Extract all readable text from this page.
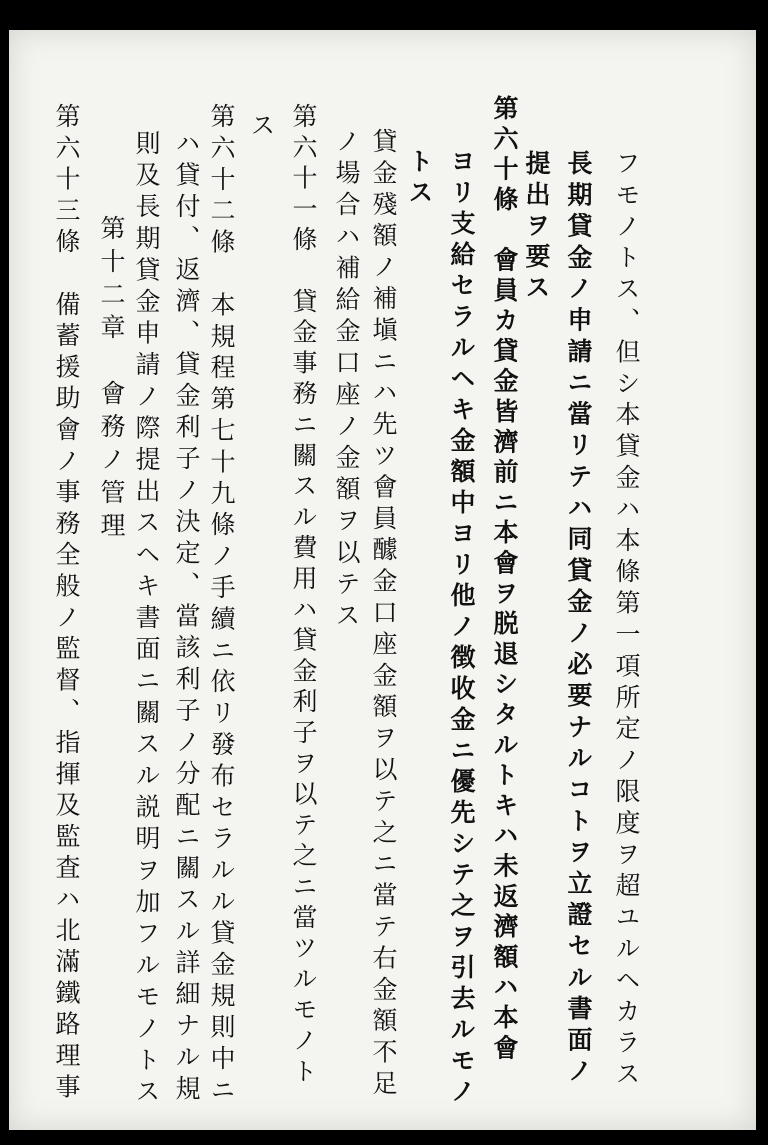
フモノトス、但シ本貸金ハ本條第一項所定ノ限度ヲ超ユルヘカラス
長期貸金ノ申請ニ當リテハ同貸金ノ必要ナルコトヲ立證セル書面ノ
提出ヲ要ス
第六十條　會員カ貸金皆濟前ニ本會ヲ脱退シタルトキハ未返濟額ハ本會
ヨリ支給セラルヘキ金額中ヨリ他ノ徴收金ニ優先シテ之ヲ引去ルモノ
トス
貸金殘額ノ補塡ニハ先ツ會員醵金口座金額ヲ以テ之ニ當テ右金額不足
ノ場合ハ補給金口座ノ金額ヲ以テス
第六十一條　貸金事務ニ關スル費用ハ貸金利子ヲ以テ之ニ當ツルモノト
ス
第六十二條　本規程第七十九條ノ手續ニ依リ發布セラルル貸金規則中ニ
ハ貸付、返濟、貸金利子ノ決定、當該利子ノ分配ニ關スル詳細ナル規
則及長期貸金申請ノ際提出スヘキ書面ニ關スル説明ヲ加フルモノトス
第十二章　會務ノ管理
第六十三條　備蓄援助會ノ事務全般ノ監督、指揮及監査ハ北滿鐵路理事
